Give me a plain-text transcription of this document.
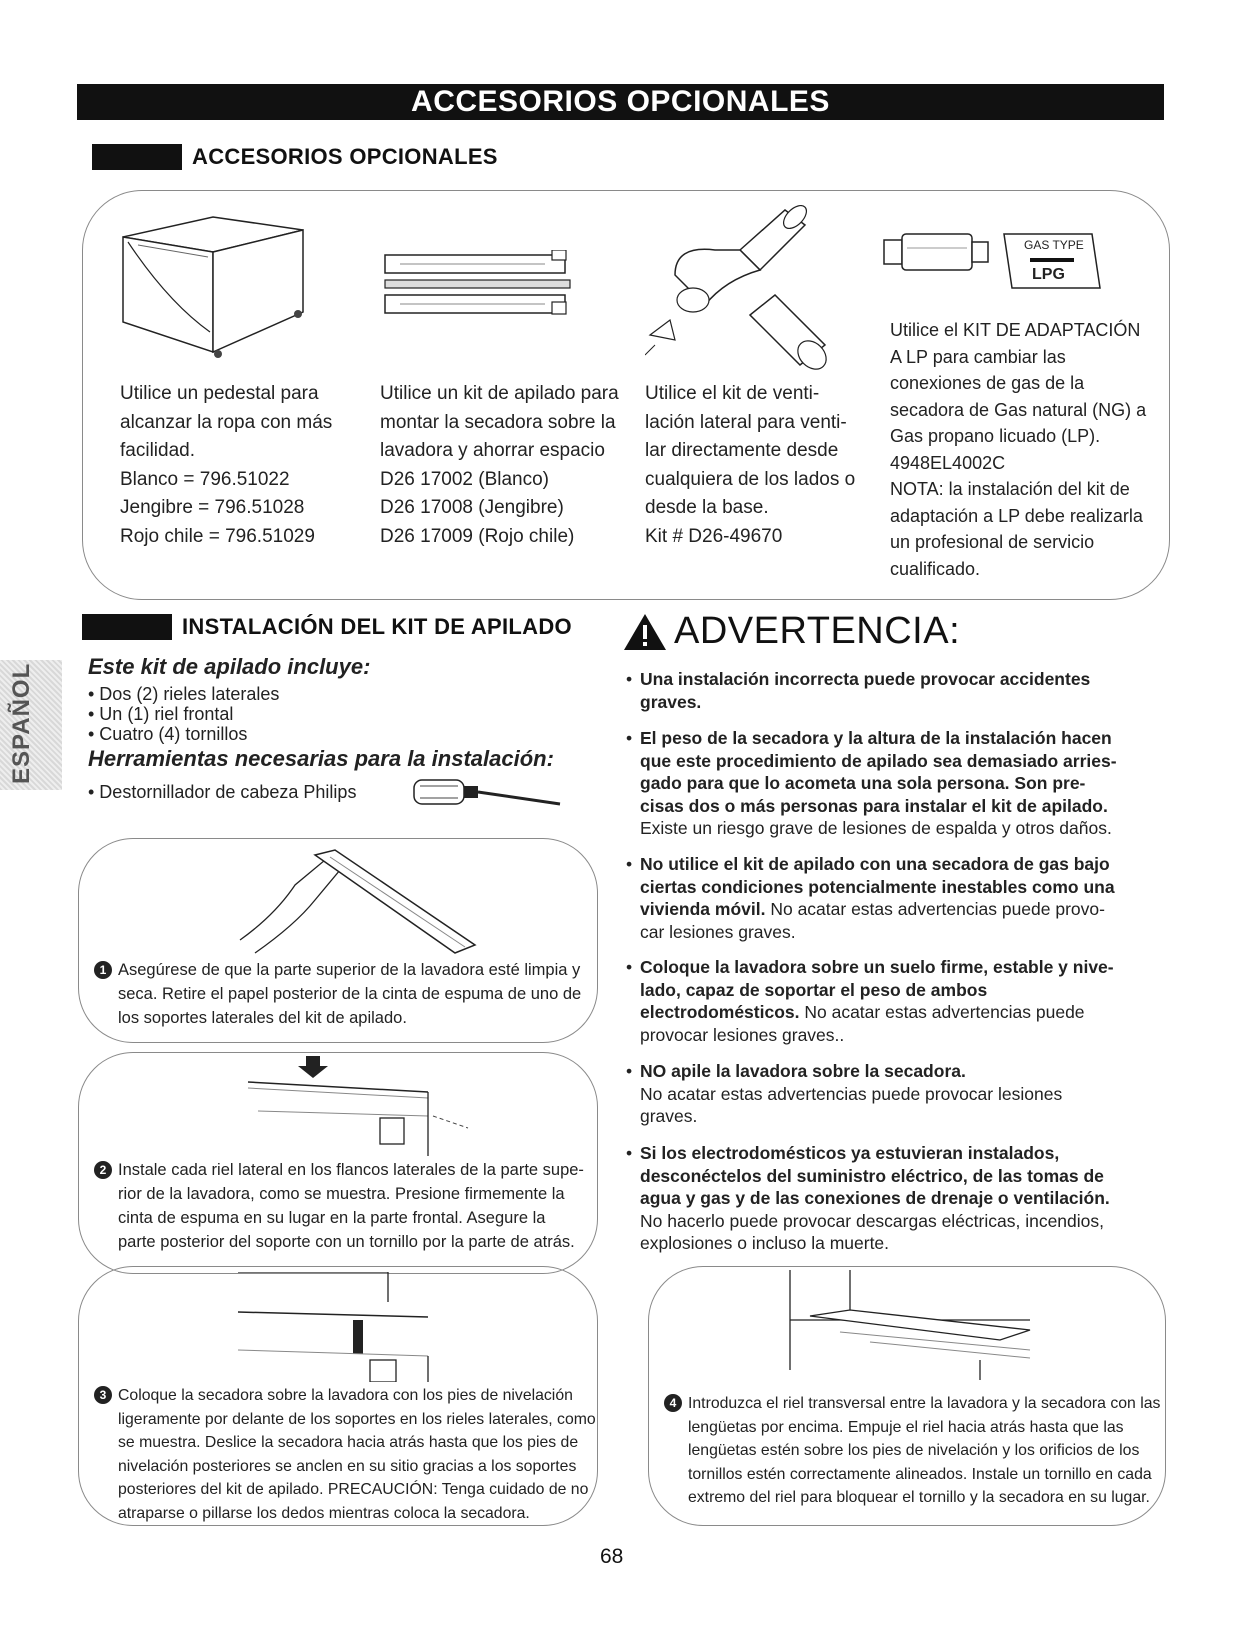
ACCESORIOS OPCIONALES
ACCESORIOS OPCIONALES
GAS TYPE
LPG

Utilice un pedestal para

alcanzar la ropa con más

facilidad.

Blanco = 796.51022

Jengibre = 796.51028

Rojo chile = 796.51029

Utilice un kit de apilado para

montar la secadora sobre la

lavadora y ahorrar espacio

D26 17002 (Blanco)

D26 17008 (Jengibre)

D26 17009 (Rojo chile)

Utilice el kit de venti-

lación lateral para venti-

lar directamente desde

cualquiera de los lados o

desde la base.

Kit # D26-49670

Utilice el KIT DE ADAPTACIÓN

A LP para cambiar las

conexiones de gas de la

secadora de Gas natural (NG) a

Gas propano licuado (LP).

4948EL4002C

NOTA: la instalación del kit de

adaptación a LP debe realizarla

un profesional de servicio

cualificado.

INSTALACIÓN DEL KIT DE APILADO
Este kit de apilado incluye:

• Dos (2) rieles laterales

• Un (1) riel frontal

• Cuatro (4) tornillos

Herramientas necesarias para la instalación:
• Destornillador de cabeza Philips

1 Asegúrese de que la parte superior de la lavadora esté limpia y

seca. Retire el papel posterior de la cinta de espuma de uno de

los soportes laterales del kit de apilado.

2 Instale cada riel lateral en los flancos laterales de la parte supe-

rior de la lavadora, como se muestra. Presione firmemente la

cinta de espuma en su lugar en la parte frontal. Asegure la

parte posterior del soporte con un tornillo por la parte de atrás.

3 Coloque la secadora sobre la lavadora con los pies de nivelación

ligeramente por delante de los soportes en los rieles laterales, como

se muestra. Deslice la secadora hacia atrás hasta que los pies de

nivelación posteriores se anclen en su sitio gracias a los soportes

posteriores del kit de apilado. PRECAUCIÓN: Tenga cuidado de no

atraparse o pillarse los dedos mientras coloca la secadora.

ADVERTENCIA:
• Una instalación incorrecta puede provocar accidentes

graves.

• El peso de la secadora y la altura de la instalación hacen

que este procedimiento de apilado sea demasiado arries-

gado para que lo acometa una sola persona. Son pre-

cisas dos o más personas para instalar el kit de apilado.

Existe un riesgo grave de lesiones de espalda y otros daños.

• No utilice el kit de apilado con una secadora de gas bajo

ciertas condiciones potencialmente inestables como una

vivienda móvil. No acatar estas advertencias puede provo-

car lesiones graves.

• Coloque la lavadora sobre un suelo firme, estable y nive-

lado, capaz de soportar el peso de ambos

electrodomésticos. No acatar estas advertencias puede

provocar lesiones graves..

• NO apile la lavadora sobre la secadora.

No acatar estas advertencias puede provocar lesiones

graves.

• Si los electrodomésticos ya estuvieran instalados,

desconéctelos del suministro eléctrico, de las tomas de

agua y gas y de las conexiones de drenaje o ventilación.

No hacerlo puede provocar descargas eléctricas, incendios,

explosiones o incluso la muerte.

4 Introduzca el riel transversal entre la lavadora y la secadora con las

lengüetas por encima. Empuje el riel hacia atrás hasta que las

lengüetas estén sobre los pies de nivelación y los orificios de los

tornillos estén correctamente alineados. Instale un tornillo en cada

extremo del riel para bloquear el tornillo y la secadora en su lugar.

ESPAÑOL
68
